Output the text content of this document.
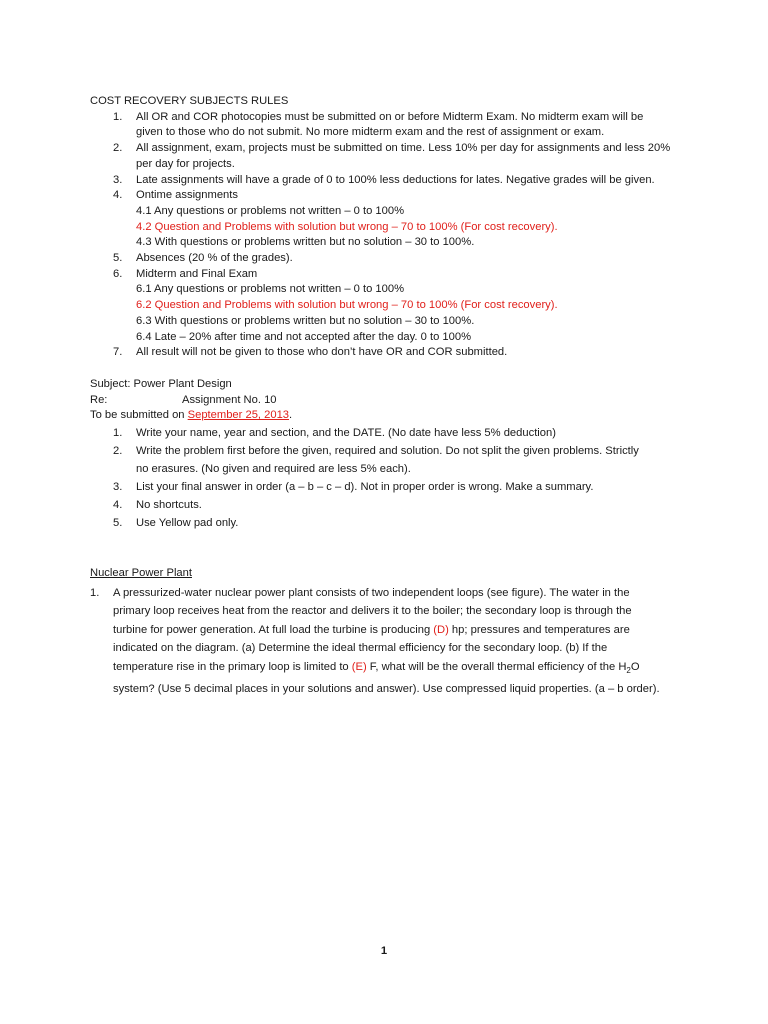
COST RECOVERY SUBJECTS RULES
1. All OR and COR photocopies must be submitted on or before Midterm Exam. No midterm exam will be
given to those who do not submit. No more midterm exam and the rest of assignment or exam.
2. All assignment, exam, projects must be submitted on time. Less 10% per day for assignments and less 20%
per day for projects.
3. Late assignments will have a grade of 0 to 100% less deductions for lates. Negative grades will be given.
4. Ontime assignments
4.1 Any questions or problems not written – 0 to 100%
4.2 Question and Problems with solution but wrong – 70 to 100% (For cost recovery).
4.3 With questions or problems written but no solution – 30 to 100%.
5. Absences (20 % of the grades).
6. Midterm and Final Exam
6.1 Any questions or problems not written – 0 to 100%
6.2 Question and Problems with solution but wrong – 70 to 100% (For cost recovery).
6.3 With questions or problems written but no solution – 30 to 100%.
6.4 Late – 20% after time and not accepted after the day. 0 to 100%
7. All result will not be given to those who don’t have OR and COR submitted.
Subject: Power Plant Design
Re:	Assignment No. 10
To be submitted on September 25, 2013.
1. Write your name, year and section, and the DATE. (No date have less 5% deduction)
2. Write the problem first before the given, required and solution. Do not split the given problems. Strictly
no erasures. (No given and required are less 5% each).
3. List your final answer in order (a – b – c – d). Not in proper order is wrong. Make a summary.
4. No shortcuts.
5. Use Yellow pad only.
Nuclear Power Plant
1. A pressurized-water nuclear power plant consists of two independent loops (see figure). The water in the
primary loop receives heat from the reactor and delivers it to the boiler; the secondary loop is through the
turbine for power generation. At full load the turbine is producing (D) hp; pressures and temperatures are
indicated on the diagram. (a) Determine the ideal thermal efficiency for the secondary loop. (b) If the
temperature rise in the primary loop is limited to (E) F, what will be the overall thermal efficiency of the $H_2O$
system? (Use 5 decimal places in your solutions and answer). Use compressed liquid properties. (a – b order).
1
